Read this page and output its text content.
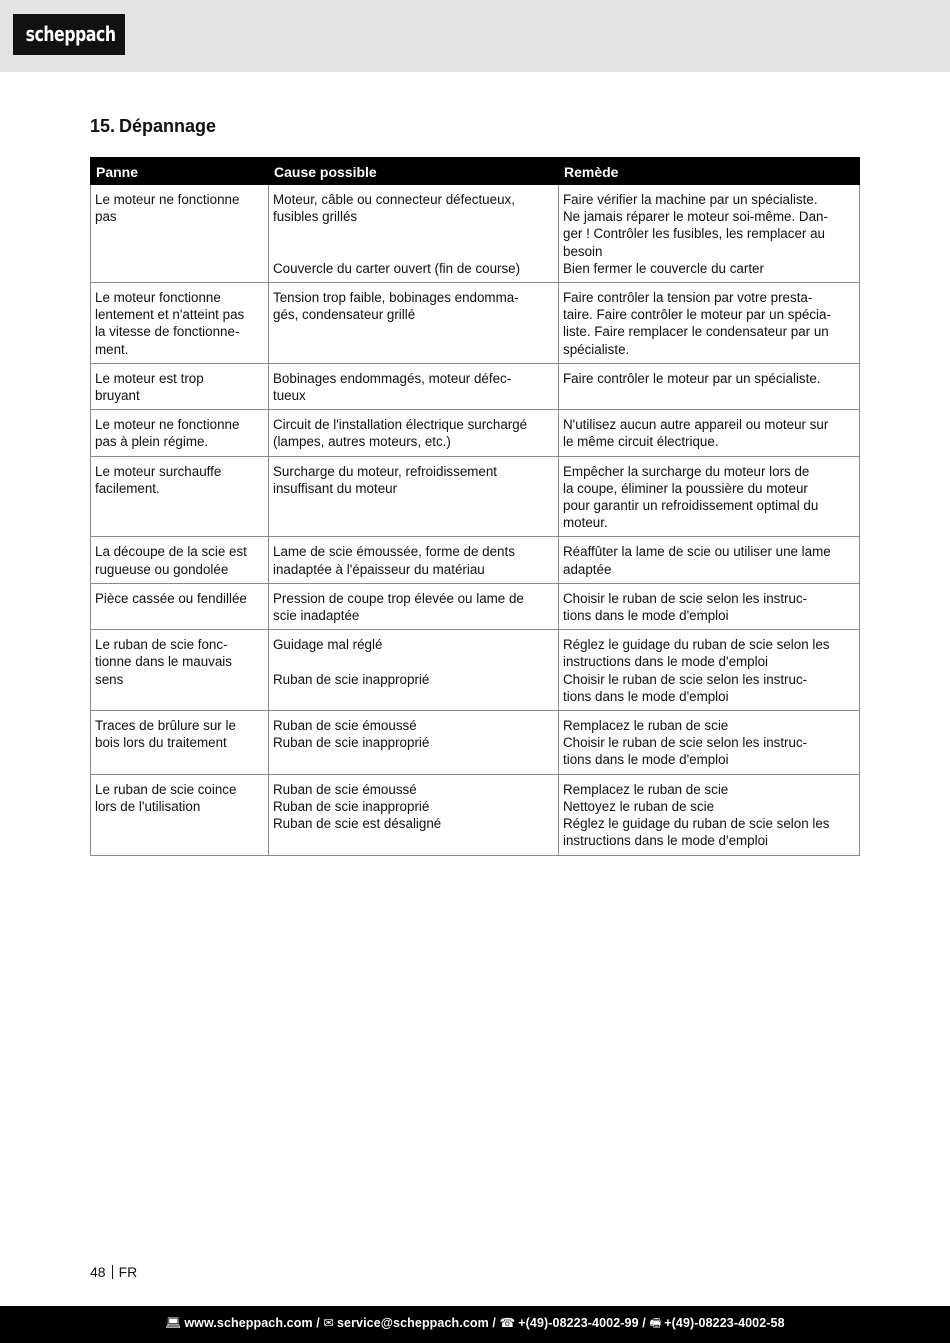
scheppach
15. Dépannage
Panne	Cause possible	Remède

Le moteur ne fonctionne
pas	Moteur, câble ou connecteur défectueux,
fusibles grillés
Couvercle du carter ouvert (fin de course)	Faire vérifier la machine par un spécialiste.
Ne jamais réparer le moteur soi-même. Dan-
ger ! Contrôler les fusibles, les remplacer au
besoin
Bien fermer le couvercle du carter

Le moteur fonctionne
lentement et n'atteint pas
la vitesse de fonctionne-
ment.	Tension trop faible, bobinages endomma-
gés, condensateur grillé	Faire contrôler la tension par votre presta-
taire. Faire contrôler le moteur par un spécia-
liste. Faire remplacer le condensateur par un
spécialiste.

Le moteur est trop
bruyant	Bobinages endommagés, moteur défec-
tueux	Faire contrôler le moteur par un spécialiste.

Le moteur ne fonctionne
pas à plein régime.	Circuit de l'installation électrique surchargé
(lampes, autres moteurs, etc.)	N'utilisez aucun autre appareil ou moteur sur
le même circuit électrique.

Le moteur surchauffe
facilement.	Surcharge du moteur, refroidissement
insuffisant du moteur	Empêcher la surcharge du moteur lors de
la coupe, éliminer la poussière du moteur
pour garantir un refroidissement optimal du
moteur.

La découpe de la scie est
rugueuse ou gondolée	Lame de scie émoussée, forme de dents
inadaptée à l'épaisseur du matériau	Réaffûter la lame de scie ou utiliser une lame
adaptée

Pièce cassée ou fendillée	Pression de coupe trop élevée ou lame de
scie inadaptée	Choisir le ruban de scie selon les instruc-
tions dans le mode d'emploi

Le ruban de scie fonc-
tionne dans le mauvais
sens	Guidage mal réglé
Ruban de scie inapproprié	Réglez le guidage du ruban de scie selon les
instructions dans le mode d'emploi
Choisir le ruban de scie selon les instruc-
tions dans le mode d'emploi

Traces de brûlure sur le
bois lors du traitement	Ruban de scie émoussé
Ruban de scie inapproprié	Remplacez le ruban de scie
Choisir le ruban de scie selon les instruc-
tions dans le mode d'emploi

Le ruban de scie coince
lors de l'utilisation	Ruban de scie émoussé
Ruban de scie inapproprié
Ruban de scie est désaligné	Remplacez le ruban de scie
Nettoyez le ruban de scie
Réglez le guidage du ruban de scie selon les
instructions dans le mode d'emploi
48 FR
💻︎ www.scheppach.com / ✉︎ service@scheppach.com / ☎︎ +(49)-08223-4002-99 / 🖷︎ +(49)-08223-4002-58
